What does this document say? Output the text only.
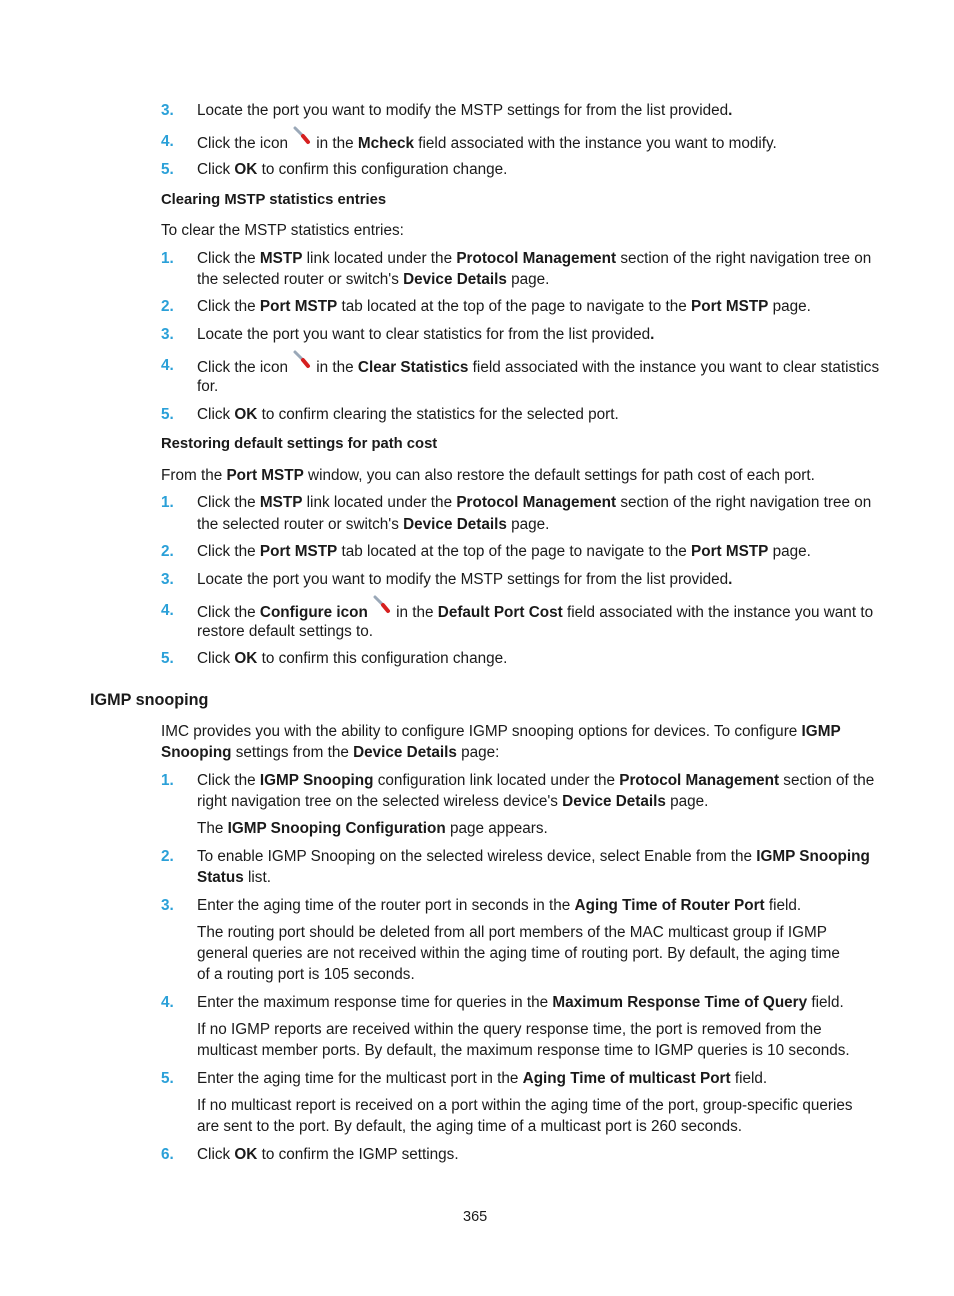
3. Locate the port you want to modify the MSTP settings for from the list provided.
4. Click the icon
in the Mcheck field associated with the instance you want to modify.
5. Click OK to confirm this configuration change.
Clearing MSTP statistics entries
To clear the MSTP statistics entries:
1. Click the MSTP link located under the Protocol Management section of the right navigation tree on
the selected router or switch's Device Details page.
2. Click the Port MSTP tab located at the top of the page to navigate to the Port MSTP page.
3. Locate the port you want to clear statistics for from the list provided.
4. Click the icon
in the Clear Statistics field associated with the instance you want to clear statistics
for.
5. Click OK to confirm clearing the statistics for the selected port.
Restoring default settings for path cost
From the Port MSTP window, you can also restore the default settings for path cost of each port.
1. Click the MSTP link located under the Protocol Management section of the right navigation tree on
the selected router or switch's Device Details page.
2. Click the Port MSTP tab located at the top of the page to navigate to the Port MSTP page.
3. Locate the port you want to modify the MSTP settings for from the list provided.
4. Click the Configure icon
in the Default Port Cost field associated with the instance you want to
restore default settings to.
5. Click OK to confirm this configuration change.
IGMP snooping
IMC provides you with the ability to configure IGMP snooping options for devices. To configure IGMP
Snooping settings from the Device Details page:
1. Click the IGMP Snooping configuration link located under the Protocol Management section of the
right navigation tree on the selected wireless device's Device Details page.
The IGMP Snooping Configuration page appears.
2. To enable IGMP Snooping on the selected wireless device, select Enable from the IGMP Snooping
Status list.
3. Enter the aging time of the router port in seconds in the Aging Time of Router Port field.
The routing port should be deleted from all port members of the MAC multicast group if IGMP
general queries are not received within the aging time of routing port. By default, the aging time
of a routing port is 105 seconds.
4. Enter the maximum response time for queries in the Maximum Response Time of Query field.
If no IGMP reports are received within the query response time, the port is removed from the
multicast member ports. By default, the maximum response time to IGMP queries is 10 seconds.
5. Enter the aging time for the multicast port in the Aging Time of multicast Port field.
If no multicast report is received on a port within the aging time of the port, group-specific queries
are sent to the port. By default, the aging time of a multicast port is 260 seconds.
6. Click OK to confirm the IGMP settings.
365
